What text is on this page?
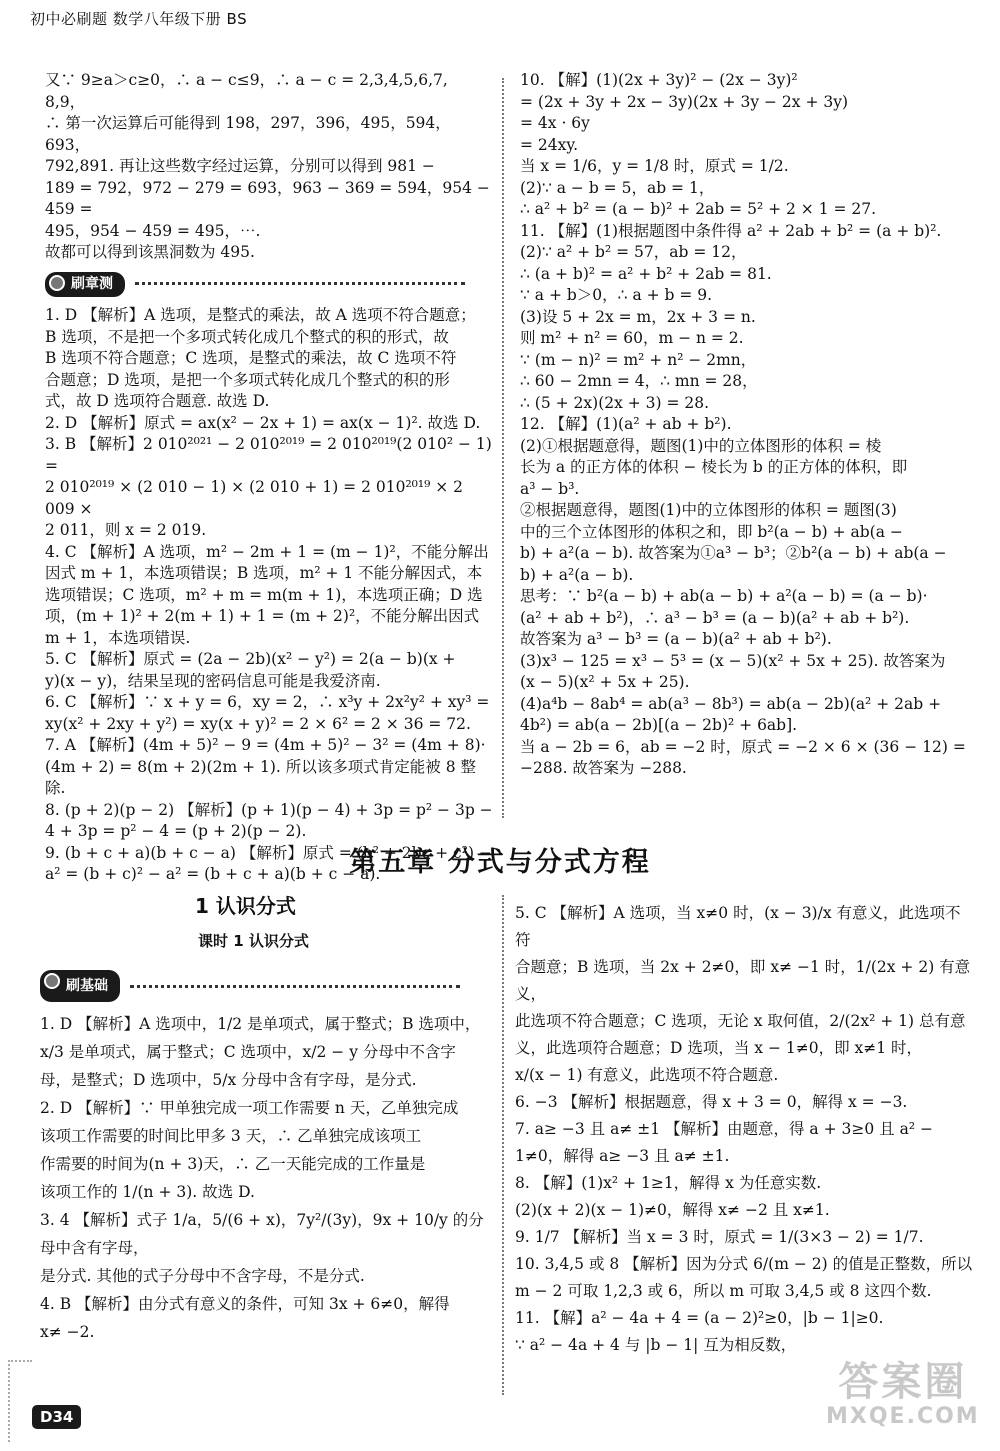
初中必刷题 数学八年级下册 BS
又∵ 9≥a＞c≥0，∴ a − c≤9，∴ a − c = 2,3,4,5,6,7,
8,9，
∴ 第一次运算后可能得到 198，297，396，495，594，693，
792,891. 再让这些数字经过运算，分别可以得到 981 −
189 = 792，972 − 279 = 693，963 − 369 = 594，954 − 459 =
495，954 − 459 = 495，⋯.
故都可以得到该黑洞数为 495.
刷章测
1. D 【解析】A 选项，是整式的乘法，故 A 选项不符合题意；
B 选项，不是把一个多项式转化成几个整式的积的形式，故
B 选项不符合题意；C 选项，是整式的乘法，故 C 选项不符
合题意；D 选项，是把一个多项式转化成几个整式的积的形
式，故 D 选项符合题意. 故选 D.
2. D 【解析】原式 = ax(x² − 2x + 1) = ax(x − 1)². 故选 D.
3. B 【解析】2 010²⁰²¹ − 2 010²⁰¹⁹ = 2 010²⁰¹⁹(2 010² − 1) =
2 010²⁰¹⁹ × (2 010 − 1) × (2 010 + 1) = 2 010²⁰¹⁹ × 2 009 ×
2 011，则 x = 2 019.
4. C 【解析】A 选项，m² − 2m + 1 = (m − 1)²，不能分解出
因式 m + 1，本选项错误；B 选项，m² + 1 不能分解因式，本
选项错误；C 选项，m² + m = m(m + 1)，本选项正确；D 选
项，(m + 1)² + 2(m + 1) + 1 = (m + 2)²，不能分解出因式
m + 1，本选项错误.
5. C 【解析】原式 = (2a − 2b)(x² − y²) = 2(a − b)(x +
y)(x − y)，结果呈现的密码信息可能是我爱济南.
6. C 【解析】∵ x + y = 6，xy = 2，∴ x³y + 2x²y² + xy³ =
xy(x² + 2xy + y²) = xy(x + y)² = 2 × 6² = 2 × 36 = 72.
7. A 【解析】(4m + 5)² − 9 = (4m + 5)² − 3² = (4m + 8)·
(4m + 2) = 8(m + 2)(2m + 1). 所以该多项式肯定能被 8 整除.
8. (p + 2)(p − 2) 【解析】(p + 1)(p − 4) + 3p = p² − 3p −
4 + 3p = p² − 4 = (p + 2)(p − 2).
9. (b + c + a)(b + c − a) 【解析】原式 = (b² + 2bc + c²) −
a² = (b + c)² − a² = (b + c + a)(b + c − a).
10. 【解】(1)(2x + 3y)² − (2x − 3y)²
= (2x + 3y + 2x − 3y)(2x + 3y − 2x + 3y)
= 4x · 6y
= 24xy.
当 x = 1/6，y = 1/8 时，原式 = 1/2.
(2)∵ a − b = 5，ab = 1，
∴ a² + b² = (a − b)² + 2ab = 5² + 2 × 1 = 27.
11. 【解】(1)根据题图中条件得 a² + 2ab + b² = (a + b)².
(2)∵ a² + b² = 57，ab = 12，
∴ (a + b)² = a² + b² + 2ab = 81.
∵ a + b＞0，∴ a + b = 9.
(3)设 5 + 2x = m，2x + 3 = n.
则 m² + n² = 60，m − n = 2.
∵ (m − n)² = m² + n² − 2mn，
∴ 60 − 2mn = 4，∴ mn = 28，
∴ (5 + 2x)(2x + 3) = 28.
12. 【解】(1)(a² + ab + b²).
(2)①根据题意得，题图(1)中的立体图形的体积 = 棱
长为 a 的正方体的体积 − 棱长为 b 的正方体的体积，即
a³ − b³.
②根据题意得，题图(1)中的立体图形的体积 = 题图(3)
中的三个立体图形的体积之和，即 b²(a − b) + ab(a −
b) + a²(a − b). 故答案为①a³ − b³；②b²(a − b) + ab(a −
b) + a²(a − b).
思考：∵ b²(a − b) + ab(a − b) + a²(a − b) = (a − b)·
(a² + ab + b²)，∴ a³ − b³ = (a − b)(a² + ab + b²).
故答案为 a³ − b³ = (a − b)(a² + ab + b²).
(3)x³ − 125 = x³ − 5³ = (x − 5)(x² + 5x + 25). 故答案为
(x − 5)(x² + 5x + 25).
(4)a⁴b − 8ab⁴ = ab(a³ − 8b³) = ab(a − 2b)(a² + 2ab +
4b²) = ab(a − 2b)[(a − 2b)² + 6ab].
当 a − 2b = 6，ab = −2 时，原式 = −2 × 6 × (36 − 12) =
−288. 故答案为 −288.
第五章 分式与分式方程
1 认识分式
课时 1 认识分式
刷基础
1. D 【解析】A 选项中，1/2 是单项式，属于整式；B 选项中，
x/3 是单项式，属于整式；C 选项中，x/2 − y 分母中不含字
母，是整式；D 选项中，5/x 分母中含有字母，是分式.
2. D 【解析】∵ 甲单独完成一项工作需要 n 天，乙单独完成
该项工作需要的时间比甲多 3 天，∴ 乙单独完成该项工
作需要的时间为(n + 3)天，∴ 乙一天能完成的工作量是
该项工作的 1/(n + 3). 故选 D.
3. 4 【解析】式子 1/a，5/(6 + x)，7y²/(3y)，9x + 10/y 的分母中含有字母，
是分式. 其他的式子分母中不含字母，不是分式.
4. B 【解析】由分式有意义的条件，可知 3x + 6≠0，解得
x≠ −2.
5. C 【解析】A 选项，当 x≠0 时，(x − 3)/x 有意义，此选项不符
合题意；B 选项，当 2x + 2≠0，即 x≠ −1 时，1/(2x + 2) 有意义，
此选项不符合题意；C 选项，无论 x 取何值，2/(2x² + 1) 总有意
义，此选项符合题意；D 选项，当 x − 1≠0，即 x≠1 时，
x/(x − 1) 有意义，此选项不符合题意.
6. −3 【解析】根据题意，得 x + 3 = 0，解得 x = −3.
7. a≥ −3 且 a≠ ±1 【解析】由题意，得 a + 3≥0 且 a² −
1≠0，解得 a≥ −3 且 a≠ ±1.
8. 【解】(1)x² + 1≥1，解得 x 为任意实数.
(2)(x + 2)(x − 1)≠0，解得 x≠ −2 且 x≠1.
9. 1/7 【解析】当 x = 3 时，原式 = 1/(3×3 − 2) = 1/7.
10. 3,4,5 或 8 【解析】因为分式 6/(m − 2) 的值是正整数，所以
m − 2 可取 1,2,3 或 6，所以 m 可取 3,4,5 或 8 这四个数.
11. 【解】a² − 4a + 4 = (a − 2)²≥0，|b − 1|≥0.
∵ a² − 4a + 4 与 |b − 1| 互为相反数，
D34
答案圈
MXQE.COM
